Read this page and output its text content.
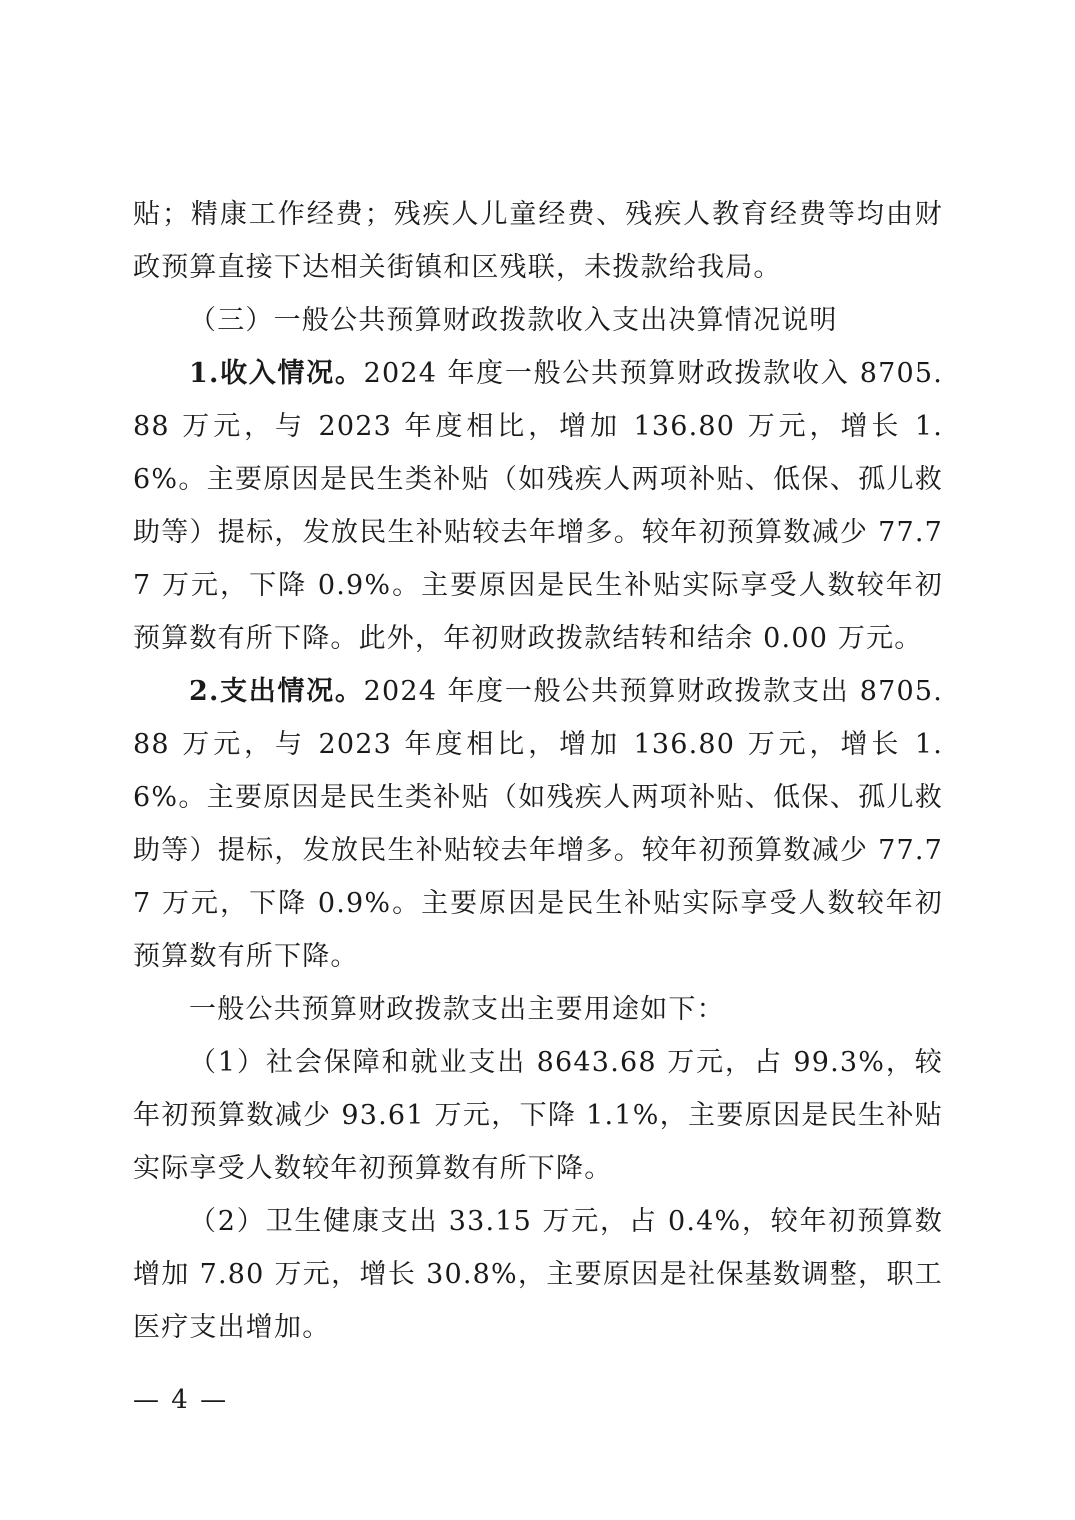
贴；精康工作经费；残疾人儿童经费、残疾人教育经费等均由财政预算直接下达相关街镇和区残联，未拨款给我局。

（三）一般公共预算财政拨款收入支出决算情况说明

1.收入情况。2024 年度一般公共预算财政拨款收入 8705.88 万元，与 2023 年度相比，增加 136.80 万元，增长 1.6%。主要原因是民生类补贴（如残疾人两项补贴、低保、孤儿救助等）提标，发放民生补贴较去年增多。较年初预算数减少 77.77 万元，下降 0.9%。主要原因是民生补贴实际享受人数较年初预算数有所下降。此外，年初财政拨款结转和结余 0.00 万元。

2.支出情况。2024 年度一般公共预算财政拨款支出 8705.88 万元，与 2023 年度相比，增加 136.80 万元，增长 1.6%。主要原因是民生类补贴（如残疾人两项补贴、低保、孤儿救助等）提标，发放民生补贴较去年增多。较年初预算数减少 77.77 万元，下降 0.9%。主要原因是民生补贴实际享受人数较年初预算数有所下降。

一般公共预算财政拨款支出主要用途如下：

（1）社会保障和就业支出 8643.68 万元，占 99.3%，较年初预算数减少 93.61 万元，下降 1.1%，主要原因是民生补贴实际享受人数较年初预算数有所下降。

（2）卫生健康支出 33.15 万元，占 0.4%，较年初预算数增加 7.80 万元，增长 30.8%，主要原因是社保基数调整，职工医疗支出增加。

— 4 —
